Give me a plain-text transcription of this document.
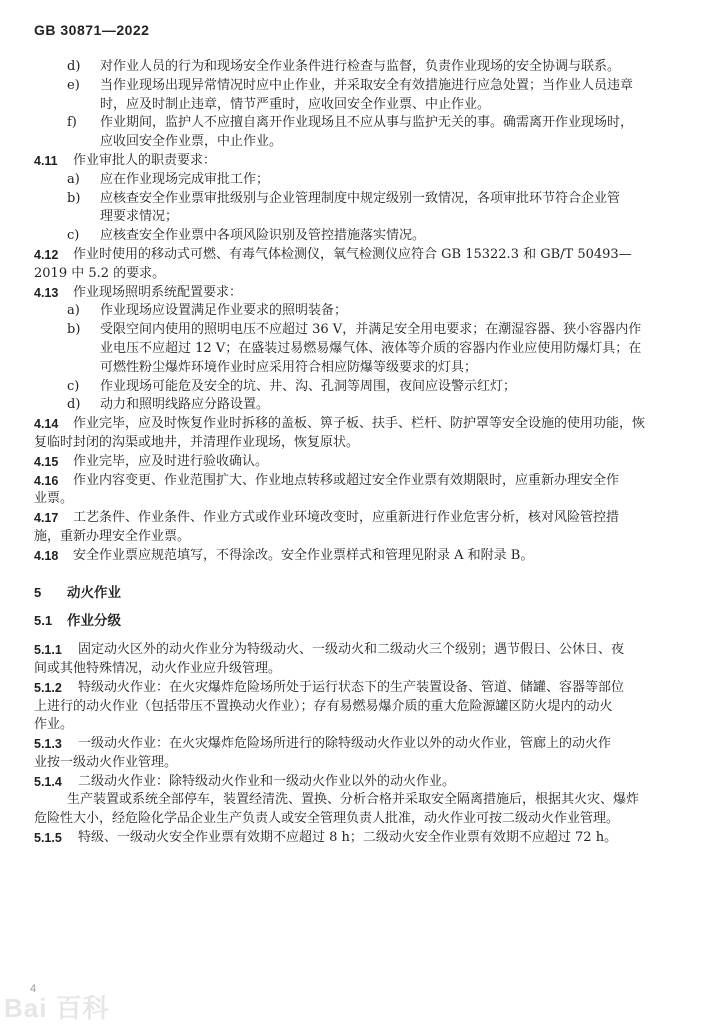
GB 30871—2022
d) 对作业人员的行为和现场安全作业条件进行检查与监督，负责作业现场的安全协调与联系。
e) 当作业现场出现异常情况时应中止作业，并采取安全有效措施进行应急处置；当作业人员违章
时，应及时制止违章，情节严重时，应收回安全作业票、中止作业。
f) 作业期间，监护人不应擅自离开作业现场且不应从事与监护无关的事。确需离开作业现场时，
应收回安全作业票，中止作业。
4.11 作业审批人的职责要求：
a) 应在作业现场完成审批工作；
b) 应核查安全作业票审批级别与企业管理制度中规定级别一致情况，各项审批环节符合企业管
理要求情况；
c) 应核查安全作业票中各项风险识别及管控措施落实情况。
4.12 作业时使用的移动式可燃、有毒气体检测仪，氧气检测仪应符合 GB 15322.3 和 GB/T 50493—
2019 中 5.2 的要求。
4.13 作业现场照明系统配置要求：
a) 作业现场应设置满足作业要求的照明装备；
b) 受限空间内使用的照明电压不应超过 36 V，并满足安全用电要求；在潮湿容器、狭小容器内作
业电压不应超过 12 V；在盛装过易燃易爆气体、液体等介质的容器内作业应使用防爆灯具；在
可燃性粉尘爆炸环境作业时应采用符合相应防爆等级要求的灯具；
c) 作业现场可能危及安全的坑、井、沟、孔洞等周围，夜间应设警示红灯；
d) 动力和照明线路应分路设置。
4.14 作业完毕，应及时恢复作业时拆移的盖板、箅子板、扶手、栏杆、防护罩等安全设施的使用功能，恢
复临时封闭的沟渠或地井，并清理作业现场，恢复原状。
4.15 作业完毕，应及时进行验收确认。
4.16 作业内容变更、作业范围扩大、作业地点转移或超过安全作业票有效期限时，应重新办理安全作
业票。
4.17 工艺条件、作业条件、作业方式或作业环境改变时，应重新进行作业危害分析，核对风险管控措
施，重新办理安全作业票。
4.18 安全作业票应规范填写，不得涂改。安全作业票样式和管理见附录 A 和附录 B。
5 动火作业
5.1 作业分级
5.1.1 固定动火区外的动火作业分为特级动火、一级动火和二级动火三个级别；遇节假日、公休日、夜
间或其他特殊情况，动火作业应升级管理。
5.1.2 特级动火作业：在火灾爆炸危险场所处于运行状态下的生产装置设备、管道、储罐、容器等部位
上进行的动火作业（包括带压不置换动火作业）；存有易燃易爆介质的重大危险源罐区防火堤内的动火
作业。
5.1.3 一级动火作业：在火灾爆炸危险场所进行的除特级动火作业以外的动火作业，管廊上的动火作
业按一级动火作业管理。
5.1.4 二级动火作业：除特级动火作业和一级动火作业以外的动火作业。
生产装置或系统全部停车，装置经清洗、置换、分析合格并采取安全隔离措施后，根据其火灾、爆炸
危险性大小，经危险化学品企业生产负责人或安全管理负责人批准，动火作业可按二级动火作业管理。
5.1.5 特级、一级动火安全作业票有效期不应超过 8 h；二级动火安全作业票有效期不应超过 72 h。
4
Bai 百科
